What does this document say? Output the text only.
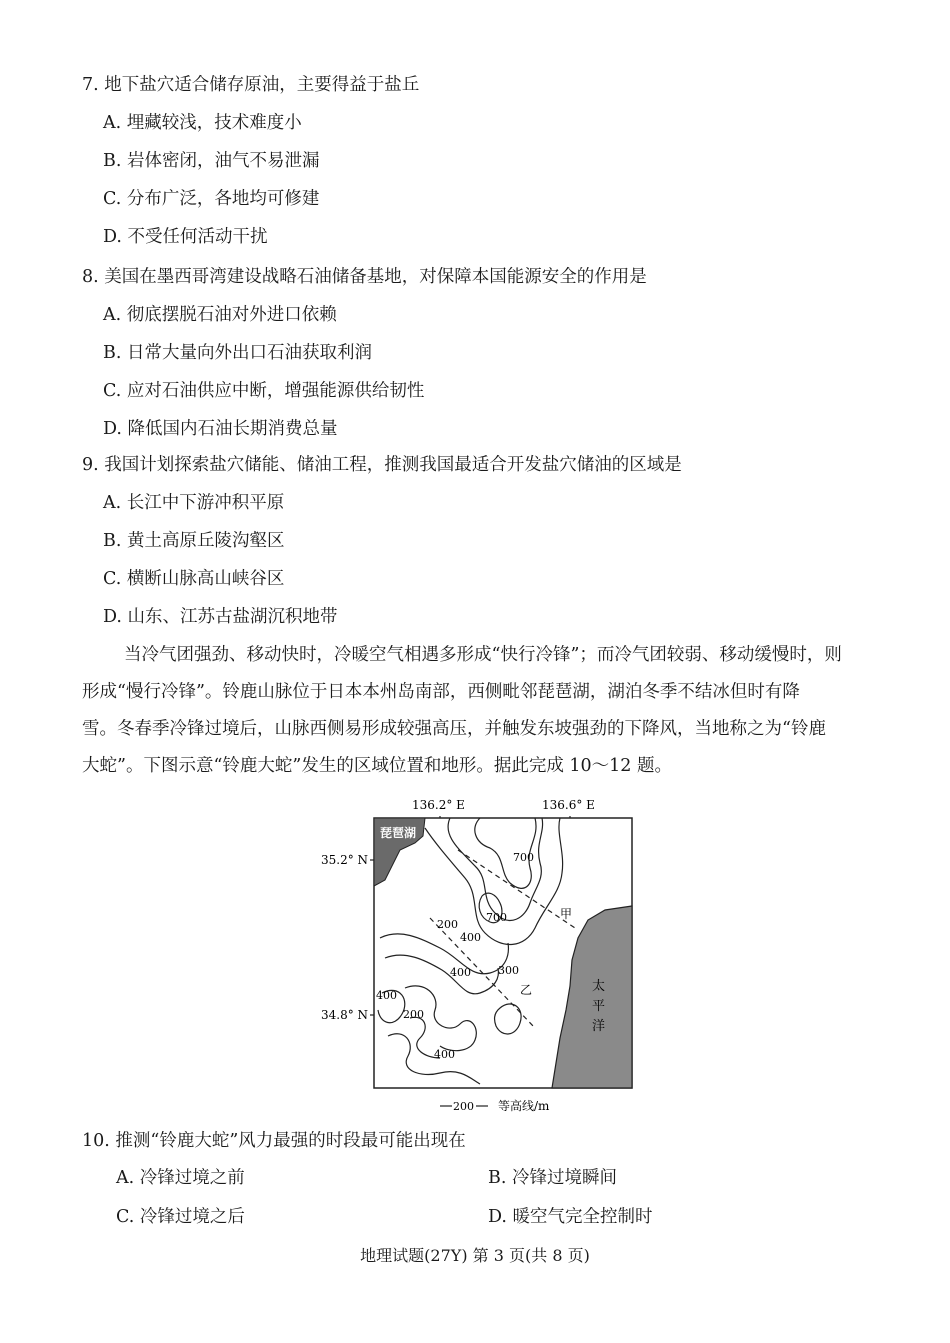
7. 地下盐穴适合储存原油，主要得益于盐丘
A. 埋藏较浅，技术难度小
B. 岩体密闭，油气不易泄漏
C. 分布广泛，各地均可修建
D. 不受任何活动干扰
8. 美国在墨西哥湾建设战略石油储备基地，对保障本国能源安全的作用是
A. 彻底摆脱石油对外进口依赖
B. 日常大量向外出口石油获取利润
C. 应对石油供应中断，增强能源供给韧性
D. 降低国内石油长期消费总量
9. 我国计划探索盐穴储能、储油工程，推测我国最适合开发盐穴储油的区域是
A. 长江中下游冲积平原
B. 黄土高原丘陵沟壑区
C. 横断山脉高山峡谷区
D. 山东、江苏古盐湖沉积地带
当冷气团强劲、移动快时，冷暖空气相遇多形成“快行冷锋”；而冷气团较弱、移动缓慢时，则
形成“慢行冷锋”。铃鹿山脉位于日本本州岛南部，西侧毗邻琵琶湖，湖泊冬季不结冰但时有降
雪。冬春季冷锋过境后，山脉西侧易形成较强高压，并触发东坡强劲的下降风，当地称之为“铃鹿
大蛇”。下图示意“铃鹿大蛇”发生的区域位置和地形。据此完成 10～12 题。
136.2° E	136.6° E
35.2° N
34.8° N
琵琶湖
太
平
洋
甲
乙
700
700
200
400
400 300
400
200
400
200 等高线/m
10. 推测“铃鹿大蛇”风力最强的时段最可能出现在
A. 冷锋过境之前	B. 冷锋过境瞬间
C. 冷锋过境之后	D. 暖空气完全控制时
地理试题(27Y) 第 3 页(共 8 页)
